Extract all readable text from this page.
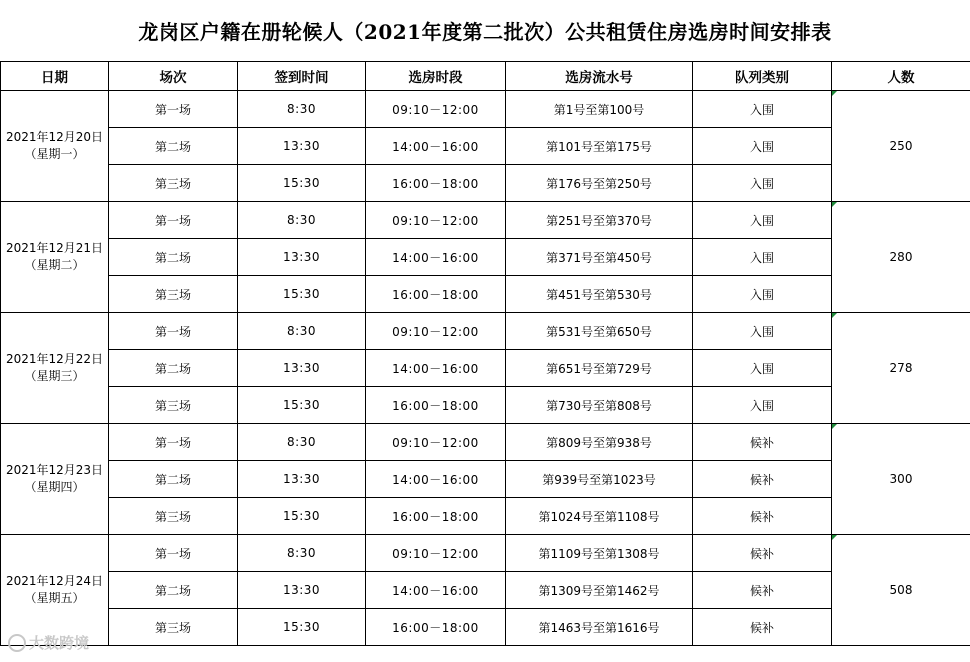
龙岗区户籍在册轮候人（2021年度第二批次）公共租赁住房选房时间安排表
日期	场次	签到时间	选房时段	选房流水号	队列类别	人数

2021年12月20日
（星期一）	第一场	8:30	09:10－12:00	第1号至第100号	入围	250
	第二场	13:30	14:00－16:00	第101号至第175号	入围	
	第三场	15:30	16:00－18:00	第176号至第250号	入围	

2021年12月21日
（星期二）	第一场	8:30	09:10－12:00	第251号至第370号	入围	280
	第二场	13:30	14:00－16:00	第371号至第450号	入围	
	第三场	15:30	16:00－18:00	第451号至第530号	入围	

2021年12月22日
（星期三）	第一场	8:30	09:10－12:00	第531号至第650号	入围	278
	第二场	13:30	14:00－16:00	第651号至第729号	入围	
	第三场	15:30	16:00－18:00	第730号至第808号	入围	

2021年12月23日
（星期四）	第一场	8:30	09:10－12:00	第809号至第938号	候补	300
	第二场	13:30	14:00－16:00	第939号至第1023号	候补	
	第三场	15:30	16:00－18:00	第1024号至第1108号	候补	

2021年12月24日
（星期五）	第一场	8:30	09:10－12:00	第1109号至第1308号	候补	508
	第二场	13:30	14:00－16:00	第1309号至第1462号	候补	
	第三场	15:30	16:00－18:00	第1463号至第1616号	候补	
大数跨境
